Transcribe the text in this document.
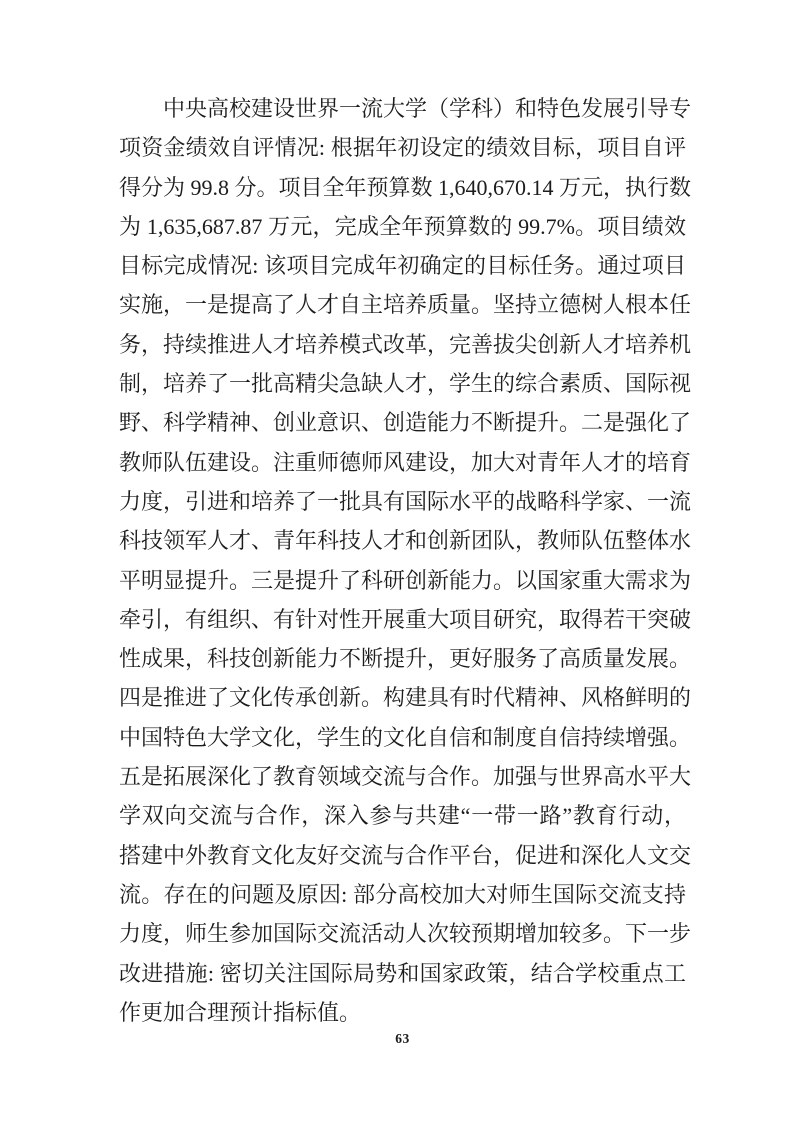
中央高校建设世界一流大学（学科）和特色发展引导专
项资金绩效自评情况: 根据年初设定的绩效目标，项目自评
得分为 99.8 分。项目全年预算数 1,640,670.14 万元，执行数
为 1,635,687.87 万元，完成全年预算数的 99.7%。项目绩效
目标完成情况: 该项目完成年初确定的目标任务。通过项目
实施，一是提高了人才自主培养质量。坚持立德树人根本任
务，持续推进人才培养模式改革，完善拔尖创新人才培养机
制，培养了一批高精尖急缺人才，学生的综合素质、国际视
野、科学精神、创业意识、创造能力不断提升。二是强化了
教师队伍建设。注重师德师风建设，加大对青年人才的培育
力度，引进和培养了一批具有国际水平的战略科学家、一流
科技领军人才、青年科技人才和创新团队，教师队伍整体水
平明显提升。三是提升了科研创新能力。以国家重大需求为
牵引，有组织、有针对性开展重大项目研究，取得若干突破
性成果，科技创新能力不断提升，更好服务了高质量发展。
四是推进了文化传承创新。构建具有时代精神、风格鲜明的
中国特色大学文化，学生的文化自信和制度自信持续增强。
五是拓展深化了教育领域交流与合作。加强与世界高水平大
学双向交流与合作，深入参与共建“一带一路”教育行动，
搭建中外教育文化友好交流与合作平台，促进和深化人文交
流。存在的问题及原因: 部分高校加大对师生国际交流支持
力度，师生参加国际交流活动人次较预期增加较多。下一步
改进措施: 密切关注国际局势和国家政策，结合学校重点工
作更加合理预计指标值。
63
